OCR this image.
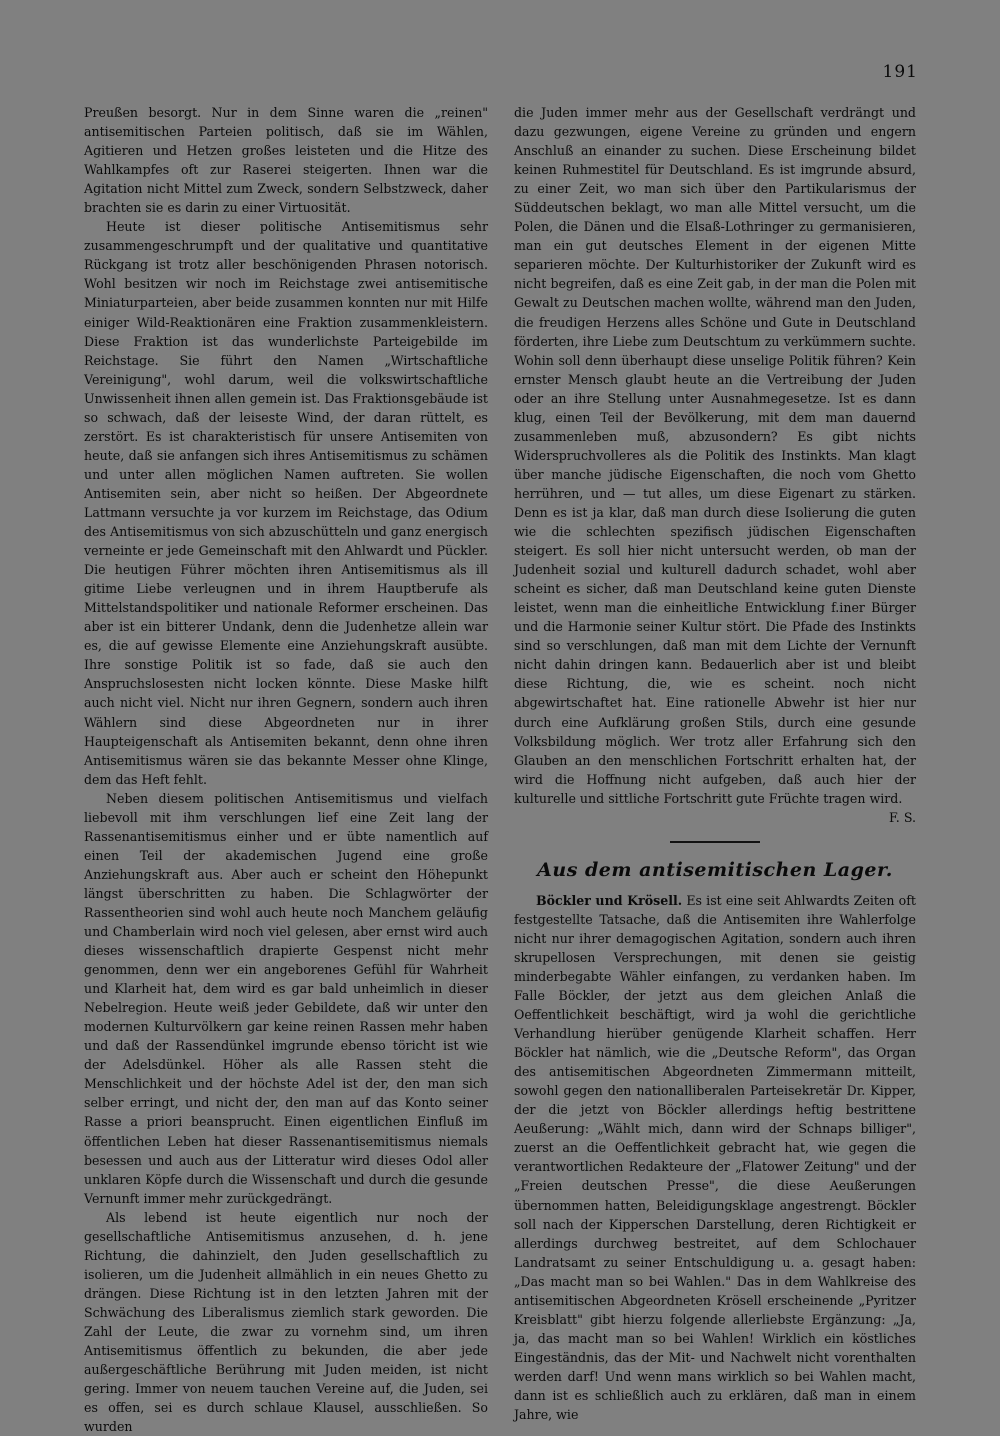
191

Preußen besorgt. Nur in dem Sinne waren die „reinen" antisemitischen Parteien politisch, daß sie im Wählen, Agitieren und Hetzen großes leisteten und die Hitze des Wahlkampfes oft zur Raserei steigerten. Ihnen war die Agitation nicht Mittel zum Zweck, sondern Selbstzweck, daher brachten sie es darin zu einer Virtuosität.

Heute ist dieser politische Antisemitismus sehr zusammengeschrumpft und der qualitative und quantitative Rückgang ist trotz aller beschönigenden Phrasen notorisch. Wohl besitzen wir noch im Reichstage zwei antisemitische Miniaturparteien, aber beide zusammen konnten nur mit Hilfe einiger Wild-Reaktionären eine Fraktion zusammenkleistern. Diese Fraktion ist das wunderlichste Parteigebilde im Reichstage. Sie führt den Namen „Wirtschaftliche Vereinigung", wohl darum, weil die volkswirtschaftliche Unwissenheit ihnen allen gemein ist. Das Fraktionsgebäude ist so schwach, daß der leiseste Wind, der daran rüttelt, es zerstört. Es ist charakteristisch für unsere Antisemiten von heute, daß sie anfangen sich ihres Antisemitismus zu schämen und unter allen möglichen Namen auftreten. Sie wollen Antisemiten sein, aber nicht so heißen. Der Abgeordnete Lattmann versuchte ja vor kurzem im Reichstage, das Odium des Antisemitismus von sich abzuschütteln und ganz energisch verneinte er jede Gemeinschaft mit den Ahlwardt und Pückler. Die heutigen Führer möchten ihren Antisemitismus als ill gitime Liebe verleugnen und in ihrem Hauptberufe als Mittelstandspolitiker und nationale Reformer erscheinen. Das aber ist ein bitterer Undank, denn die Judenhetze allein war es, die auf gewisse Elemente eine Anziehungskraft ausübte. Ihre sonstige Politik ist so fade, daß sie auch den Anspruchslosesten nicht locken könnte. Diese Maske hilft auch nicht viel. Nicht nur ihren Gegnern, sondern auch ihren Wählern sind diese Abgeordneten nur in ihrer Haupteigenschaft als Antisemiten bekannt, denn ohne ihren Antisemitismus wären sie das bekannte Messer ohne Klinge, dem das Heft fehlt.

Neben diesem politischen Antisemitismus und vielfach liebevoll mit ihm verschlungen lief eine Zeit lang der Rassenantisemitismus einher und er übte namentlich auf einen Teil der akademischen Jugend eine große Anziehungskraft aus. Aber auch er scheint den Höhepunkt längst überschritten zu haben. Die Schlagwörter der Rassentheorien sind wohl auch heute noch Manchem geläufig und Chamberlain wird noch viel gelesen, aber ernst wird auch dieses wissenschaftlich drapierte Gespenst nicht mehr genommen, denn wer ein angeborenes Gefühl für Wahrheit und Klarheit hat, dem wird es gar bald unheimlich in dieser Nebelregion. Heute weiß jeder Gebildete, daß wir unter den modernen Kulturvölkern gar keine reinen Rassen mehr haben und daß der Rassendünkel imgrunde ebenso töricht ist wie der Adelsdünkel. Höher als alle Rassen steht die Menschlichkeit und der höchste Adel ist der, den man sich selber erringt, und nicht der, den man auf das Konto seiner Rasse a priori beansprucht. Einen eigentlichen Einfluß im öffentlichen Leben hat dieser Rassenantisemitismus niemals besessen und auch aus der Litteratur wird dieses Odol aller unklaren Köpfe durch die Wissenschaft und durch die gesunde Vernunft immer mehr zurückgedrängt.

Als lebend ist heute eigentlich nur noch der gesellschaftliche Antisemitismus anzusehen, d. h. jene Richtung, die dahinzielt, den Juden gesellschaftlich zu isolieren, um die Judenheit allmählich in ein neues Ghetto zu drängen. Diese Richtung ist in den letzten Jahren mit der Schwächung des Liberalismus ziemlich stark geworden. Die Zahl der Leute, die zwar zu vornehm sind, um ihren Antisemitismus öffentlich zu bekunden, die aber jede außergeschäftliche Berührung mit Juden meiden, ist nicht gering. Immer von neuem tauchen Vereine auf, die Juden, sei es offen, sei es durch schlaue Klausel, ausschließen. So wurden

die Juden immer mehr aus der Gesellschaft verdrängt und dazu gezwungen, eigene Vereine zu gründen und engern Anschluß an einander zu suchen. Diese Erscheinung bildet keinen Ruhmestitel für Deutschland. Es ist imgrunde absurd, zu einer Zeit, wo man sich über den Partikularismus der Süddeutschen beklagt, wo man alle Mittel versucht, um die Polen, die Dänen und die Elsaß-Lothringer zu germanisieren, man ein gut deutsches Element in der eigenen Mitte separieren möchte. Der Kulturhistoriker der Zukunft wird es nicht begreifen, daß es eine Zeit gab, in der man die Polen mit Gewalt zu Deutschen machen wollte, während man den Juden, die freudigen Herzens alles Schöne und Gute in Deutschland förderten, ihre Liebe zum Deutschtum zu verkümmern suchte. Wohin soll denn überhaupt diese unselige Politik führen? Kein ernster Mensch glaubt heute an die Vertreibung der Juden oder an ihre Stellung unter Ausnahmegesetze. Ist es dann klug, einen Teil der Bevölkerung, mit dem man dauernd zusammenleben muß, abzusondern? Es gibt nichts Widerspruchvolleres als die Politik des Instinkts. Man klagt über manche jüdische Eigenschaften, die noch vom Ghetto herrühren, und — tut alles, um diese Eigenart zu stärken. Denn es ist ja klar, daß man durch diese Isolierung die guten wie die schlechten spezifisch jüdischen Eigenschaften steigert. Es soll hier nicht untersucht werden, ob man der Judenheit sozial und kulturell dadurch schadet, wohl aber scheint es sicher, daß man Deutschland keine guten Dienste leistet, wenn man die einheitliche Entwicklung f.iner Bürger und die Harmonie seiner Kultur stört. Die Pfade des Instinkts sind so verschlungen, daß man mit dem Lichte der Vernunft nicht dahin dringen kann. Bedauerlich aber ist und bleibt diese Richtung, die, wie es scheint. noch nicht abgewirtschaftet hat. Eine rationelle Abwehr ist hier nur durch eine Aufklärung großen Stils, durch eine gesunde Volksbildung möglich. Wer trotz aller Erfahrung sich den Glauben an den menschlichen Fortschritt erhalten hat, der wird die Hoffnung nicht aufgeben, daß auch hier der kulturelle und sittliche Fortschritt gute Früchte tragen wird.

F. S.

Aus dem antisemitischen Lager.

Böckler und Krösell. Es ist eine seit Ahlwardts Zeiten oft festgestellte Tatsache, daß die Antisemiten ihre Wahlerfolge nicht nur ihrer demagogischen Agitation, sondern auch ihren skrupellosen Versprechungen, mit denen sie geistig minderbegabte Wähler einfangen, zu verdanken haben. Im Falle Böckler, der jetzt aus dem gleichen Anlaß die Oeffentlichkeit beschäftigt, wird ja wohl die gerichtliche Verhandlung hierüber genügende Klarheit schaffen. Herr Böckler hat nämlich, wie die „Deutsche Reform", das Organ des antisemitischen Abgeordneten Zimmermann mitteilt, sowohl gegen den nationalliberalen Parteisekretär Dr. Kipper, der die jetzt von Böckler allerdings heftig bestrittene Aeußerung: „Wählt mich, dann wird der Schnaps billiger", zuerst an die Oeffentlichkeit gebracht hat, wie gegen die verantwortlichen Redakteure der „Flatower Zeitung" und der „Freien deutschen Presse", die diese Aeußerungen übernommen hatten, Beleidigungsklage angestrengt. Böckler soll nach der Kipperschen Darstellung, deren Richtigkeit er allerdings durchweg bestreitet, auf dem Schlochauer Landratsamt zu seiner Entschuldigung u. a. gesagt haben: „Das macht man so bei Wahlen." Das in dem Wahlkreise des antisemitischen Abgeordneten Krösell erscheinende „Pyritzer Kreisblatt" gibt hierzu folgende allerliebste Ergänzung: „Ja, ja, das macht man so bei Wahlen! Wirklich ein köstliches Eingeständnis, das der Mit- und Nachwelt nicht vorenthalten werden darf! Und wenn mans wirklich so bei Wahlen macht, dann ist es schließlich auch zu erklären, daß man in einem Jahre, wie
